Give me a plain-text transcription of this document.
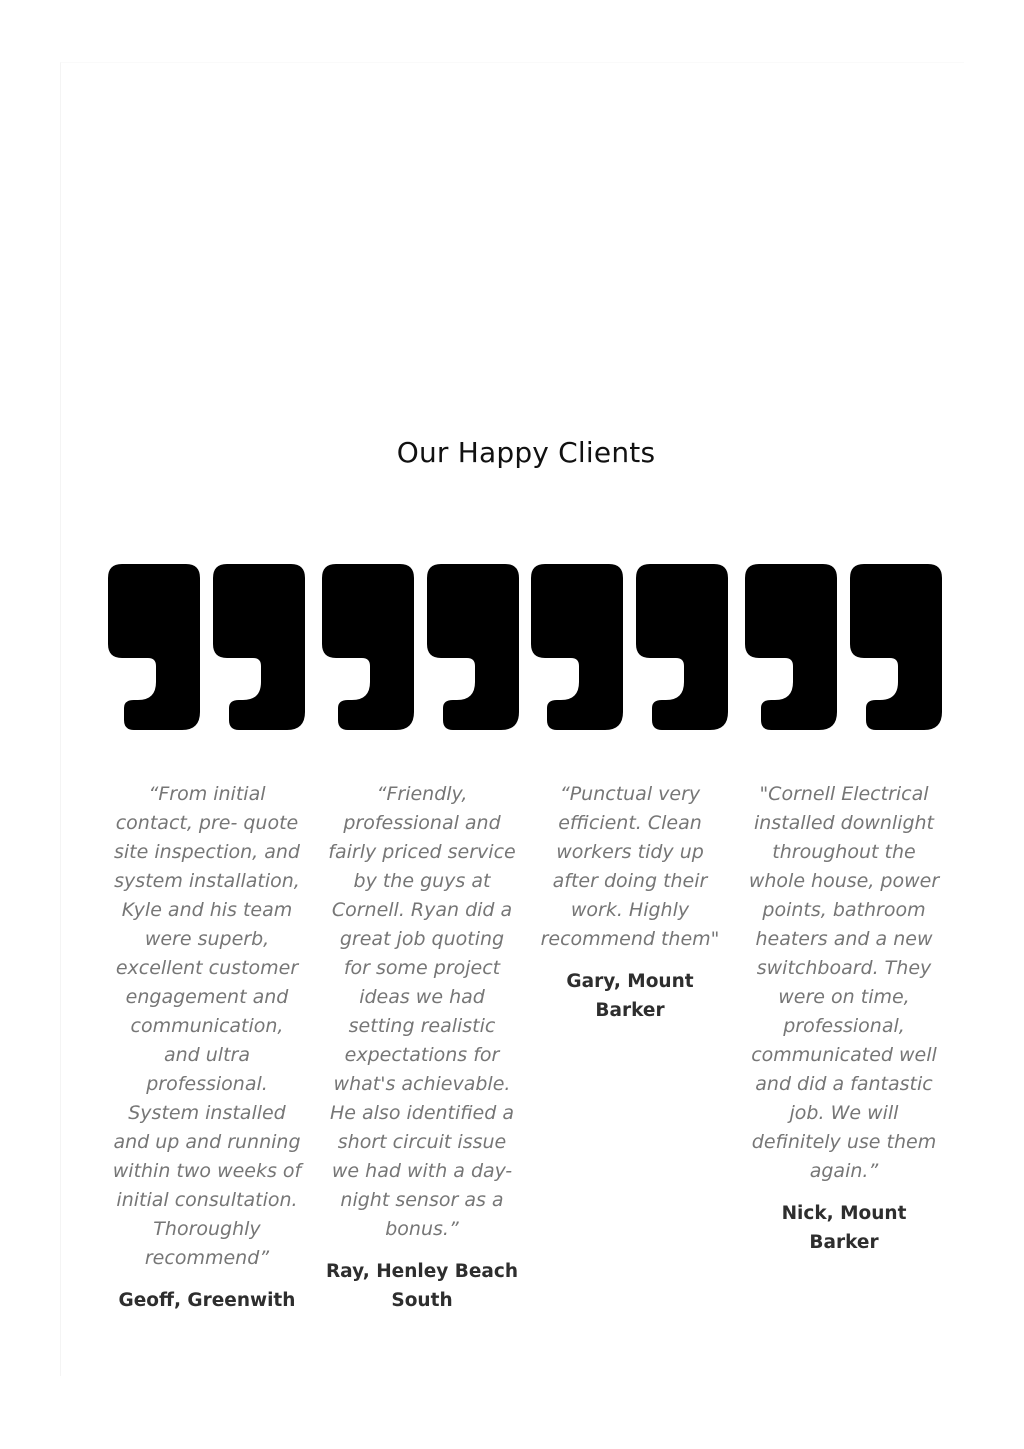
Our Happy Clients

“From initial
contact, pre- quote
site inspection, and
system installation,
Kyle and his team
were superb,
excellent customer
engagement and
communication,
and ultra
professional.
System installed
and up and running
within two weeks of
initial consultation.
Thoroughly
recommend”

Geoff, Greenwith

“Friendly,
professional and
fairly priced service
by the guys at
Cornell. Ryan did a
great job quoting
for some project
ideas we had
setting realistic
expectations for
what's achievable.
He also identified a
short circuit issue
we had with a day-
night sensor as a
bonus.”

Ray, Henley Beach
South

“Punctual very
efficient. Clean
workers tidy up
after doing their
work. Highly
recommend them"

Gary, Mount Barker

"Cornell Electrical
installed downlight
throughout the
whole house, power
points, bathroom
heaters and a new
switchboard. They
were on time,
professional,
communicated well
and did a fantastic
job. We will
definitely use them
again.”

Nick, Mount Barker
